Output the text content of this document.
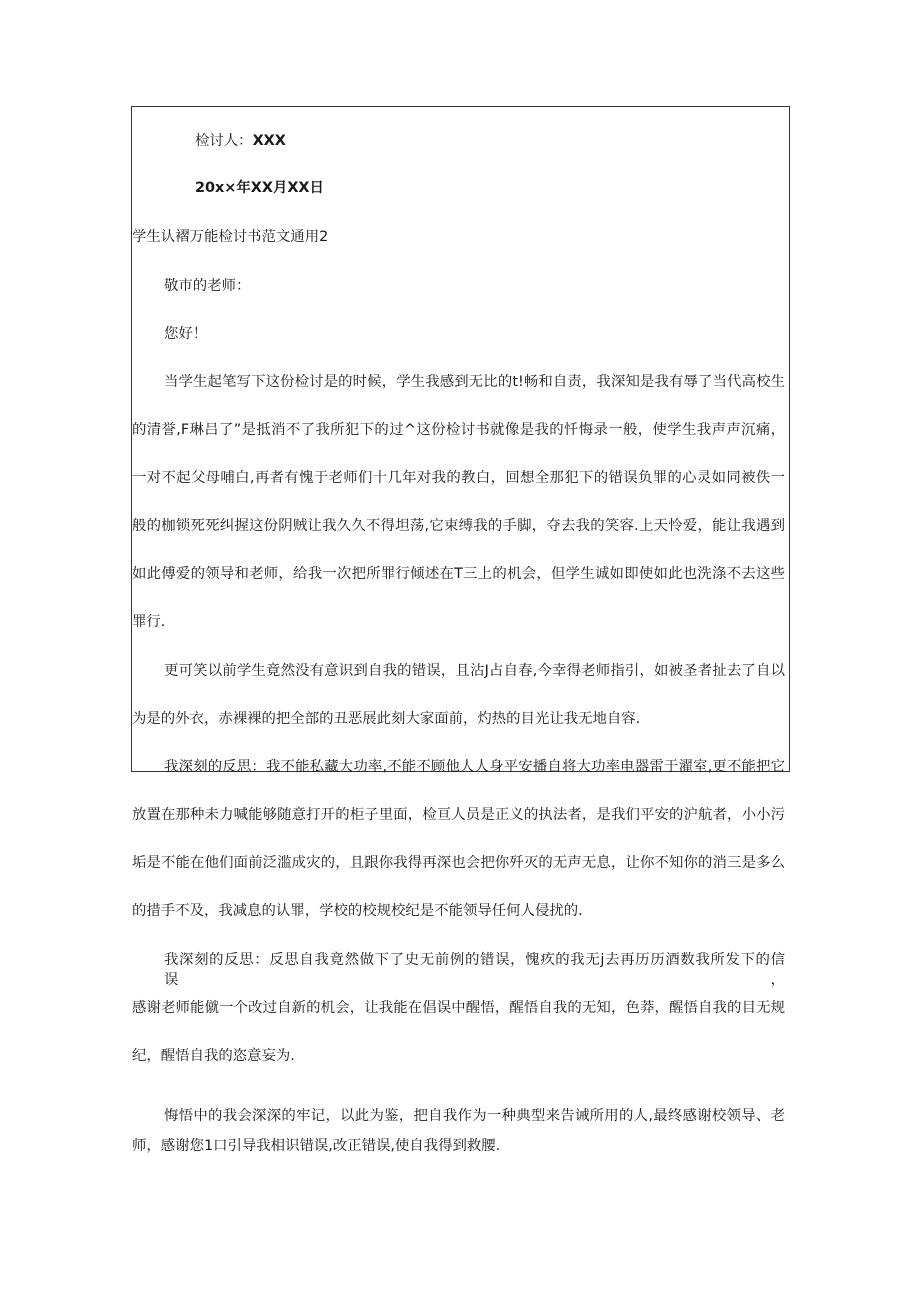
检讨人：XXX
20x×年XX月XX日
学生认褶万能检讨书范文通用2
敬市的老师：
您好！
当学生起笔写下这份检讨是的时候，学生我感到无比的t!畅和自责，我深知是我有辱了当代高校生
的清誉,F琳吕了”是抵消不了我所犯下的过^这份检讨书就像是我的忏悔录一般，使学生我声声沉痛，
一对不起父母哺白,再者有愧于老师们十几年对我的教白，回想全那犯下的错误负罪的心灵如同被佚一
般的枷锁死死纠握这份阴贼让我久久不得坦荡,它束缚我的手脚，夺去我的笑容.上天怜爱，能让我遇到
如此傅爱的领导和老师，给我一次把所罪行倾述在T三上的机会，但学生诚如即使如此也洗涤不去这些
罪行.
更可笑以前学生竟然没有意识到自我的错误，且沾J占自春,今幸得老师指引，如被圣者扯去了自以
为是的外衣，赤裸裸的把全部的丑恶展此刻大家面前，灼热的目光让我无地自容.
我深刻的反思：我不能私藏大功率,不能不顾他人人身平安播自将大功率电器雷于濯室,更不能把它
放置在那种未力喊能够随意打开的柜子里面，检亘人员是正义的执法者，是我们平安的沪航者，小小污
垢是不能在他们面前泛滥成灾的，且跟你我得再深也会把你歼灭的无声无息，让你不知你的消三是多么
的措手不及，我减息的认罪，学校的校规校纪是不能领导任何人侵扰的.
我深刻的反思：反思自我竟然做下了史无前例的错误，愧疚的我无j去再历历酒数我所发下的信误，
感谢老师能僦一个改过自新的机会，让我能在倡误中醒悟，醒悟自我的无知，色莽，醒悟自我的目无规
纪，醒悟自我的恣意妄为.
悔悟中的我会深深的牢记，以此为鉴，把自我作为一种典型来告诫所用的人,最终感谢校领导、老
师，感谢您1口引导我相识错误,改正错误,使自我得到救腰.
